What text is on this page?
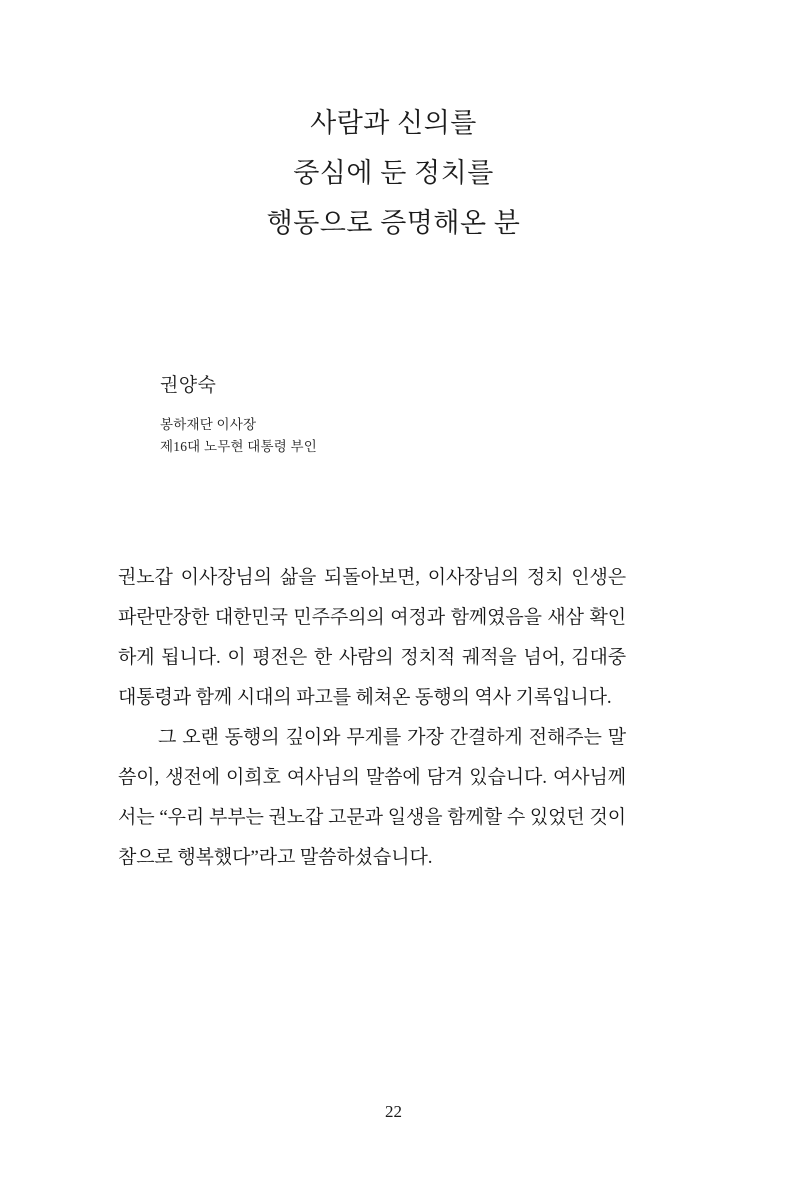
사람과 신의를
중심에 둔 정치를
행동으로 증명해온 분
권양숙
봉하재단 이사장
제16대 노무현 대통령 부인

권노갑 이사장님의 삶을 되돌아보면, 이사장님의 정치 인생은 파란만장한 대한민국 민주주의의 여정과 함께였음을 새삼 확인하게 됩니다. 이 평전은 한 사람의 정치적 궤적을 넘어, 김대중 대통령과 함께 시대의 파고를 헤쳐온 동행의 역사 기록입니다.

그 오랜 동행의 깊이와 무게를 가장 간결하게 전해주는 말씀이, 생전에 이희호 여사님의 말씀에 담겨 있습니다. 여사님께서는 “우리 부부는 권노갑 고문과 일생을 함께할 수 있었던 것이 참으로 행복했다”라고 말씀하셨습니다.

22
